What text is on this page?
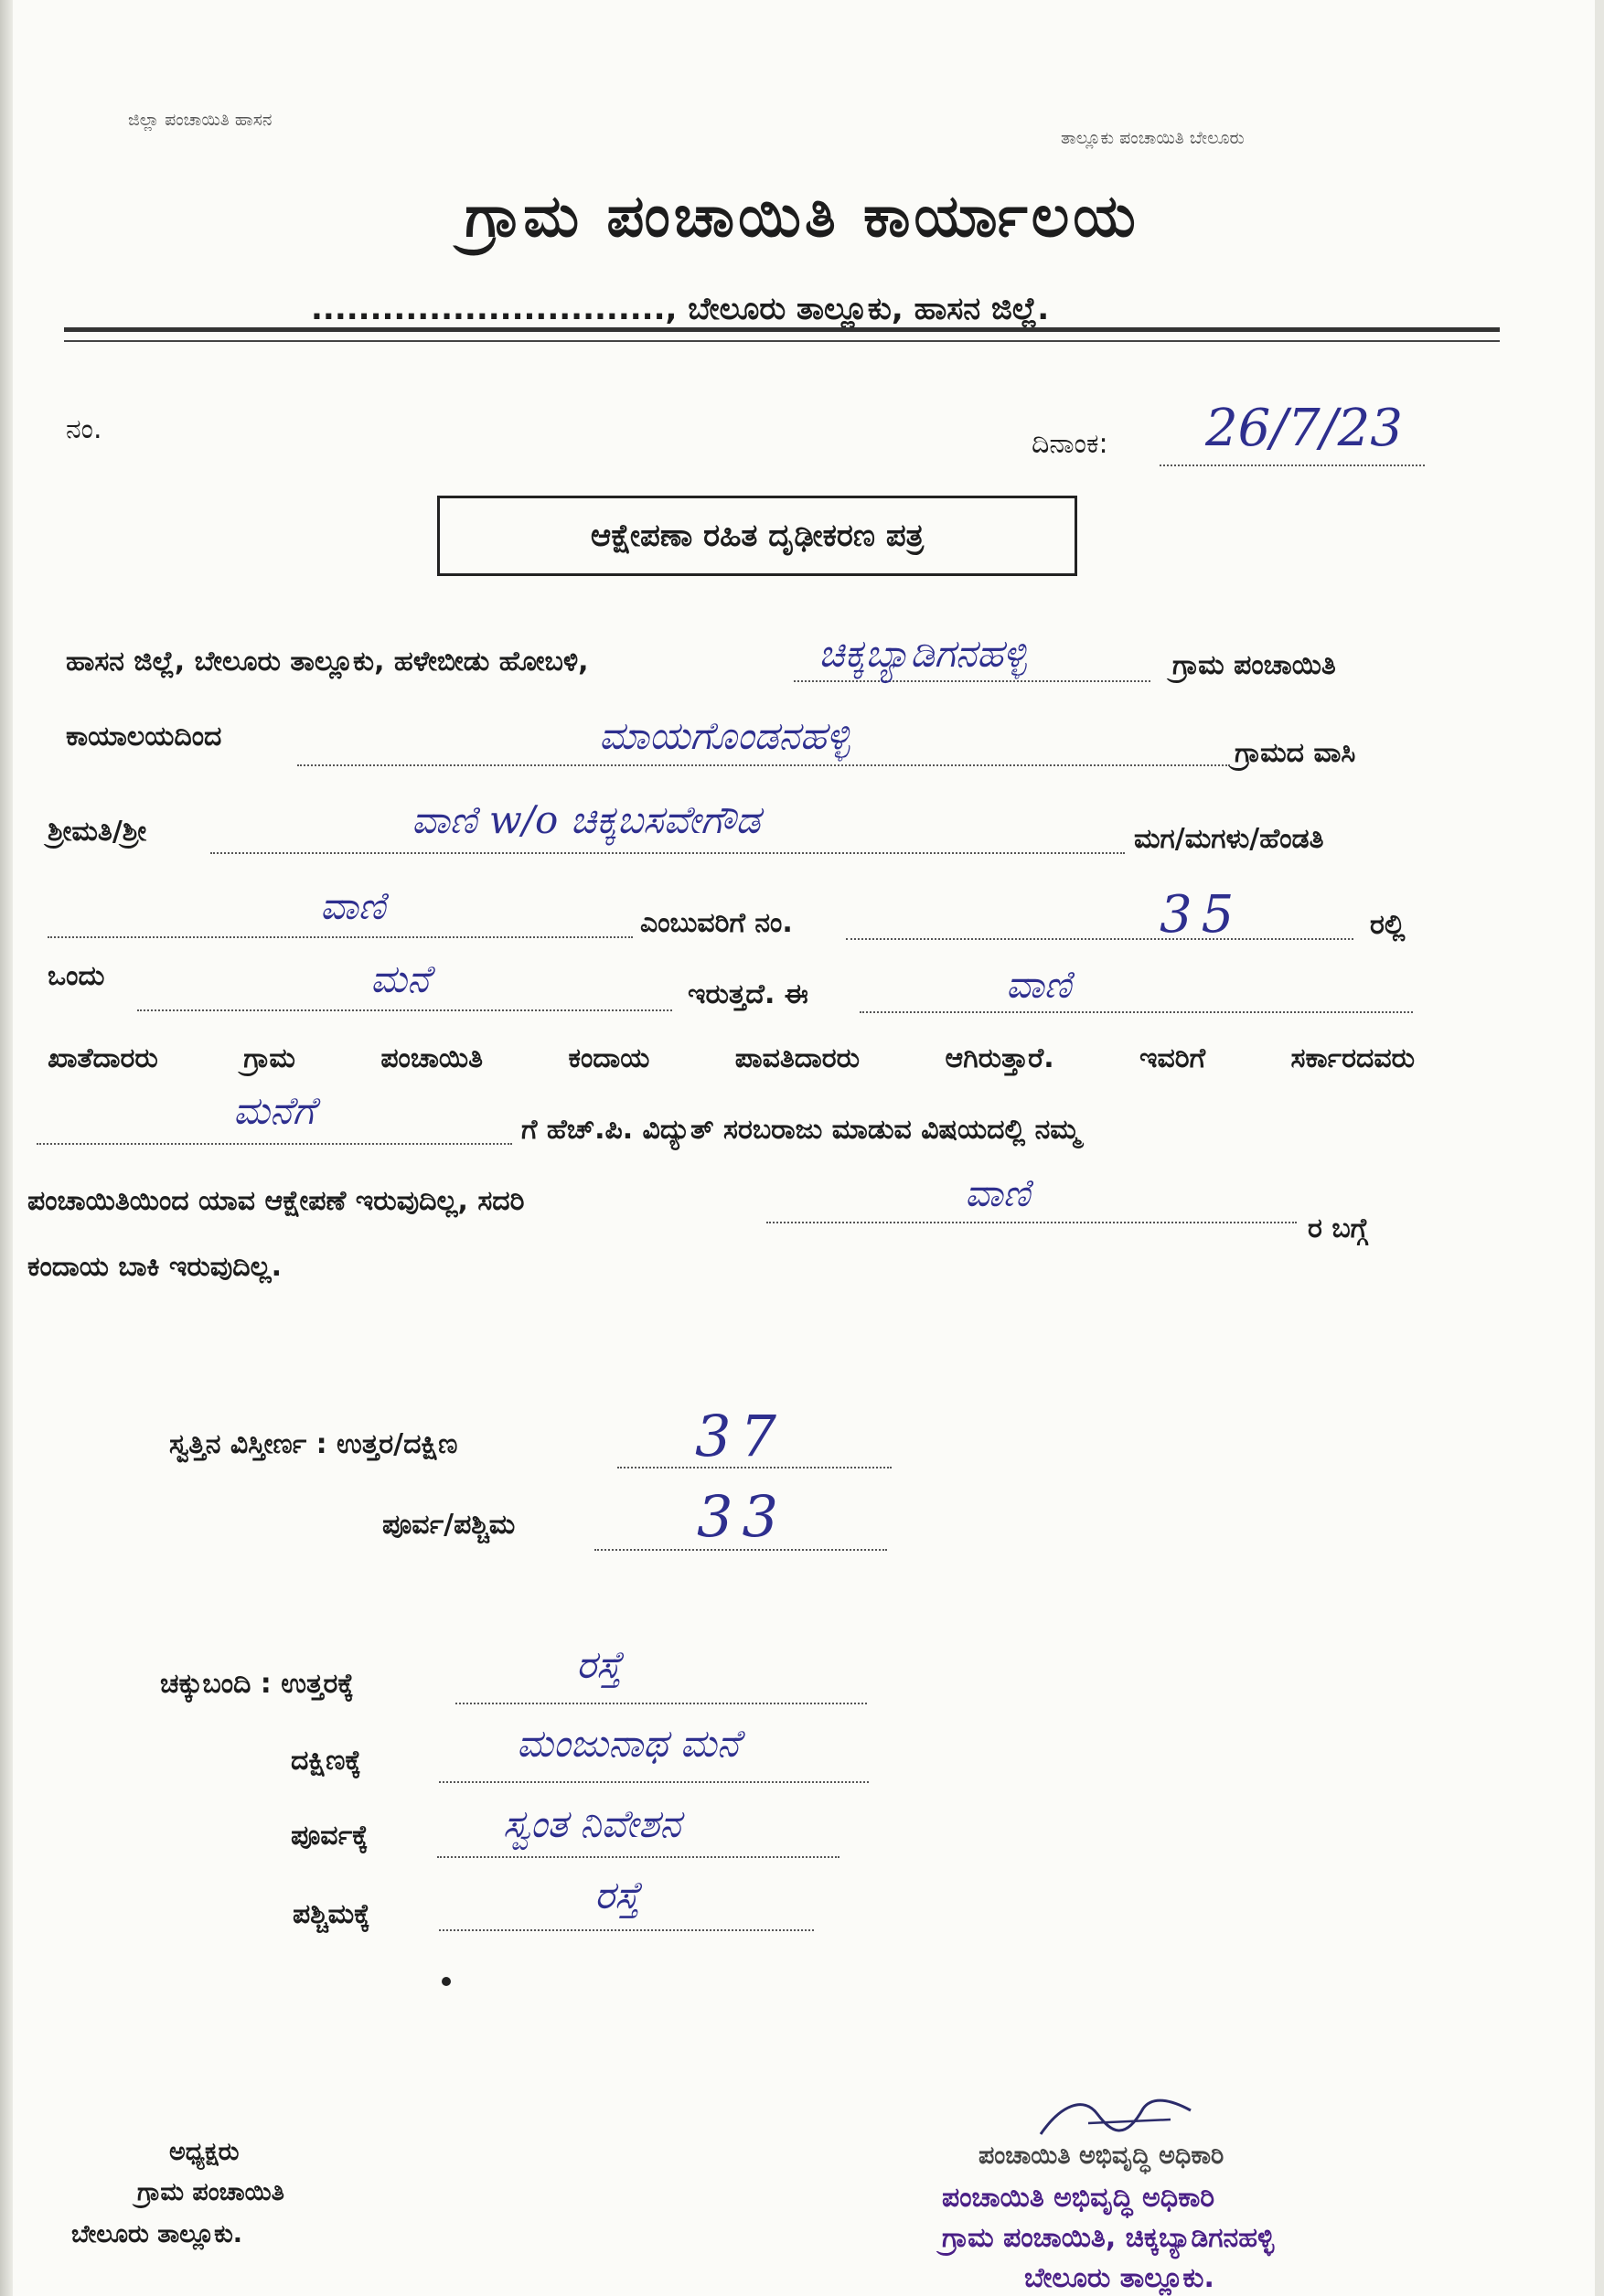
ಜಿಲ್ಲಾ ಪಂಚಾಯಿತಿ ಹಾಸನ
ತಾಲ್ಲೂಕು ಪಂಚಾಯಿತಿ ಬೇಲೂರು
ಗ್ರಾಮ ಪಂಚಾಯಿತಿ ಕಾರ್ಯಾಲಯ
.............................., ಬೇಲೂರು ತಾಲ್ಲೂಕು, ಹಾಸನ ಜಿಲ್ಲೆ.
ನಂ.	ದಿನಾಂಕ: 26/7/23
ಆಕ್ಷೇಪಣಾ ರಹಿತ ದೃಢೀಕರಣ ಪತ್ರ
ಹಾಸನ ಜಿಲ್ಲೆ, ಬೇಲೂರು ತಾಲ್ಲೂಕು, ಹಳೇಬೀಡು ಹೋಬಳಿ,	ಚಿಕ್ಕಬ್ಯಾಡಿಗನಹಳ್ಳಿ	ಗ್ರಾಮ ಪಂಚಾಯಿತಿ
ಕಾಯಾಲಯದಿಂದ	ಮಾಯಗೊಂಡನಹಳ್ಳಿ	ಗ್ರಾಮದ ವಾಸಿ
ಶ್ರೀಮತಿ/ಶ್ರೀ	ವಾಣಿ w/o ಚಿಕ್ಕಬಸವೇಗೌಡ	ಮಗ/ಮಗಳು/ಹೆಂಡತಿ
ವಾಣಿ	ಎಂಬುವರಿಗೆ ನಂ.	35	ರಲ್ಲಿ
ಒಂದು	ಮನೆ	ಇರುತ್ತದೆ. ಈ	ವಾಣಿ
ಖಾತೆದಾರರು ಗ್ರಾಮ ಪಂಚಾಯಿತಿ ಕಂದಾಯ ಪಾವತಿದಾರರು ಆಗಿರುತ್ತಾರೆ. ಇವರಿಗೆ ಸರ್ಕಾರದವರು
ಮನೆಗೆ	ಗೆ ಹೆಚ್.ಪಿ. ವಿದ್ಯುತ್ ಸರಬರಾಜು ಮಾಡುವ ವಿಷಯದಲ್ಲಿ ನಮ್ಮ
ಪಂಚಾಯಿತಿಯಿಂದ ಯಾವ ಆಕ್ಷೇಪಣೆ ಇರುವುದಿಲ್ಲ, ಸದರಿ	ವಾಣಿ
ರ ಬಗ್ಗೆ
ಕಂದಾಯ ಬಾಕಿ ಇರುವುದಿಲ್ಲ.
ಸ್ವತ್ತಿನ ವಿಸ್ತೀರ್ಣ : ಉತ್ತರ/ದಕ್ಷಿಣ	37
ಪೂರ್ವ/ಪಶ್ಚಿಮ	33
ಚಕ್ಕುಬಂದಿ : ಉತ್ತರಕ್ಕೆ	ರಸ್ತೆ
ದಕ್ಷಿಣಕ್ಕೆ	ಮಂಜುನಾಥ ಮನೆ
ಪೂರ್ವಕ್ಕೆ	ಸ್ವಂತ ನಿವೇಶನ
ಪಶ್ಚಿಮಕ್ಕೆ	ರಸ್ತೆ
ಅಧ್ಯಕ್ಷರು
ಗ್ರಾಮ ಪಂಚಾಯಿತಿ
ಬೇಲೂರು ತಾಲ್ಲೂಕು.
ಪಂಚಾಯಿತಿ ಅಭಿವೃದ್ಧಿ ಅಧಿಕಾರಿ
ಪಂಚಾಯಿತಿ ಅಭಿವೃದ್ಧಿ ಅಧಿಕಾರಿ
ಗ್ರಾಮ ಪಂಚಾಯಿತಿ, ಚಿಕ್ಕಬ್ಯಾಡಿಗನಹಳ್ಳಿ
ಬೇಲೂರು ತಾಲ್ಲೂಕು.
